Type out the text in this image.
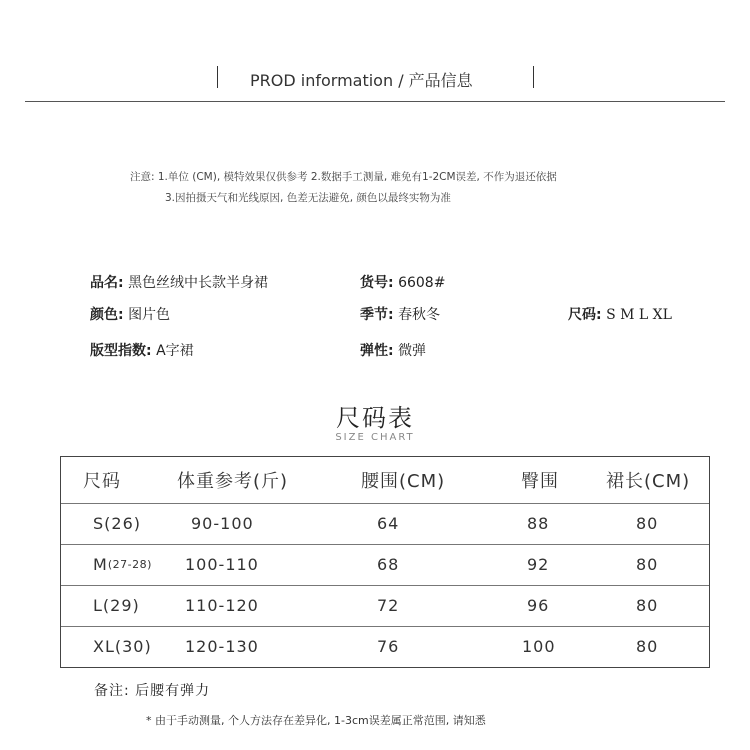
PROD information / 产品信息
注意: 1.单位 (CM), 模特效果仅供参考 2.数据手工测量, 难免有1-2CM误差, 不作为退还依据
3.因拍摄天气和光线原因, 色差无法避免, 颜色以最终实物为准
品名: 黑色丝绒中长款半身裙	货号: 6608#
颜色: 图片色	季节: 春秋冬	尺码: S M L XL
版型指数: A字裙	弹性: 微弹
尺码表
SIZE CHART
尺码	体重参考(斤)	腰围(CM)	臀围	裙长(CM)
S (26)	90-100	64	88	80
M (27-28) 100-110	68	92	80
L (29)	110-120	72	96	80
XL (30) 120-130	76	100	80
备注: 后腰有弹力
* 由于手动测量, 个人方法存在差异化, 1-3cm误差属正常范围, 请知悉
